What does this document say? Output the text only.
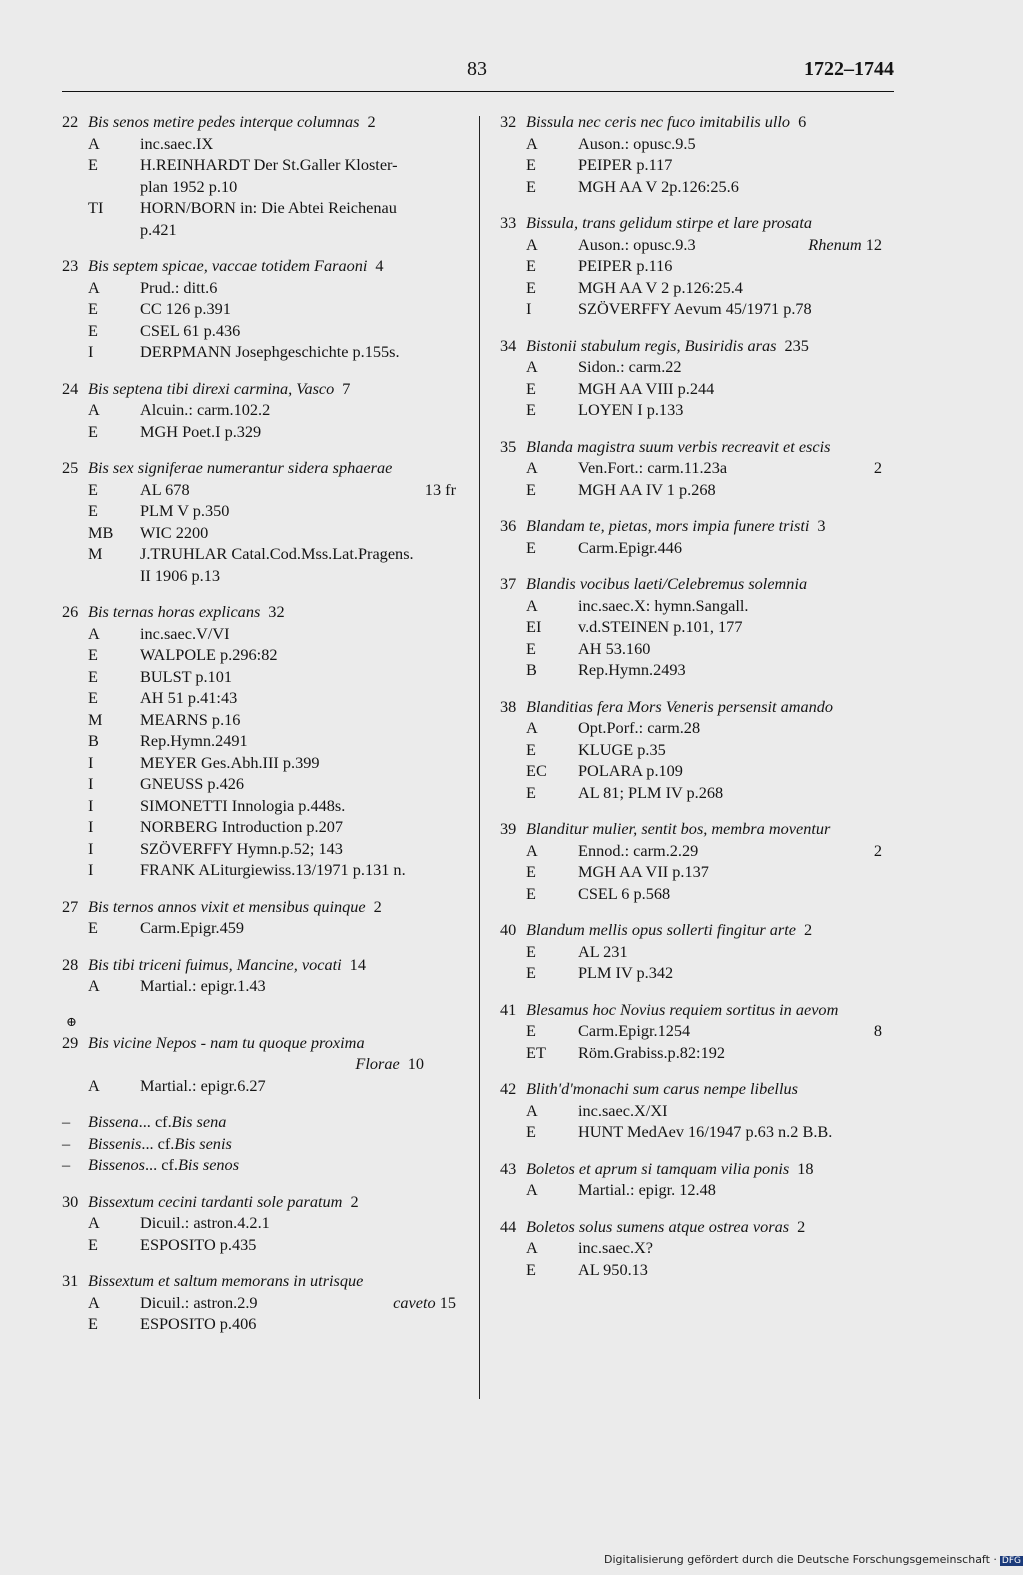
83	1722–1744
22 Bis senos metire pedes interque columnas 2
A	inc.saec.IX
E	H.REINHARDT Der St.Galler Kloster-
plan 1952 p.10
TI	HORN/BORN in: Die Abtei Reichenau
p.421
23 Bis septem spicae, vaccae totidem Faraoni 4
A	Prud.: ditt.6
E	CC 126 p.391
E	CSEL 61 p.436
I	DERPMANN Josephgeschichte p.155s.
24 Bis septena tibi direxi carmina, Vasco 7
A	Alcuin.: carm.102.2
E	MGH Poet.I p.329
25 Bis sex signiferae numerantur sidera sphaerae
E	AL 678	13 fr
E	PLM V p.350
MB	WIC 2200
M	J.TRUHLAR Catal.Cod.Mss.Lat.Pragens.
II 1906 p.13
26 Bis ternas horas explicans 32
A	inc.saec.V/VI
E	WALPOLE p.296:82
E	BULST p.101
E	AH 51 p.41:43
M	MEARNS p.16
B	Rep.Hymn.2491
I	MEYER Ges.Abh.III p.399
I	GNEUSS p.426
I	SIMONETTI Innologia p.448s.
I	NORBERG Introduction p.207
I	SZÖVERFFY Hymn.p.52; 143
I	FRANK ALiturgiewiss.13/1971 p.131 n.
27 Bis ternos annos vixit et mensibus quinque 2
E	Carm.Epigr.459
28 Bis tibi triceni fuimus, Mancine, vocati 14
A	Martial.: epigr.1.43
⊕
29 Bis vicine Nepos - nam tu quoque proxima
Florae 10
A	Martial.: epigr.6.27
–	Bissena ... cf. Bis sena
–	Bissenis ... cf. Bis senis
–	Bissenos ... cf. Bis senos
30 Bissextum cecini tardanti sole paratum 2
A	Dicuil.: astron.4.2.1
E	ESPOSITO p.435
31 Bissextum et saltum memorans in utrisque
A	Dicuil.: astron.2.9	caveto 15
E	ESPOSITO p.406
32 Bissula nec ceris nec fuco imitabilis ullo 6
A	Auson.: opusc.9.5
E	PEIPER p.117
E	MGH AA V 2p.126:25.6
33 Bissula, trans gelidum stirpe et lare prosata
A	Auson.: opusc.9.3	Rhenum 12
E	PEIPER p.116
E	MGH AA V 2 p.126:25.4
I	SZÖVERFFY Aevum 45/1971 p.78
34 Bistonii stabulum regis, Busiridis aras 235
A	Sidon.: carm.22
E	MGH AA VIII p.244
E	LOYEN I p.133
35 Blanda magistra suum verbis recreavit et escis
A	Ven.Fort.: carm.11.23a	2
E	MGH AA IV 1 p.268
36 Blandam te, pietas, mors impia funere tristi 3
E	Carm.Epigr.446
37 Blandis vocibus laeti/Celebremus solemnia
A	inc.saec.X: hymn.Sangall.
EI	v.d.STEINEN p.101, 177
E	AH 53.160
B	Rep.Hymn.2493
38 Blanditias fera Mors Veneris persensit amando
A	Opt.Porf.: carm.28
E	KLUGE p.35
EC	POLARA p.109
E	AL 81; PLM IV p.268
39 Blanditur mulier, sentit bos, membra moventur
A	Ennod.: carm.2.29	2
E	MGH AA VII p.137
E	CSEL 6 p.568
40 Blandum mellis opus sollerti fingitur arte 2
E	AL 231
E	PLM IV p.342
41 Blesamus hoc Novius requiem sortitus in aevom
E	Carm.Epigr.1254	8
ET	Röm.Grabiss.p.82:192
42 Blith'd'monachi sum carus nempe libellus
A	inc.saec.X/XI
E	HUNT MedAev 16/1947 p.63 n.2 B.B.
43 Boletos et aprum si tamquam vilia ponis 18
A	Martial.: epigr. 12.48
44 Boletos solus sumens atque ostrea voras 2
A	inc.saec.X?
E	AL 950.13
Digitalisierung gefördert durch die Deutsche Forschungsgemeinschaft · DFG
